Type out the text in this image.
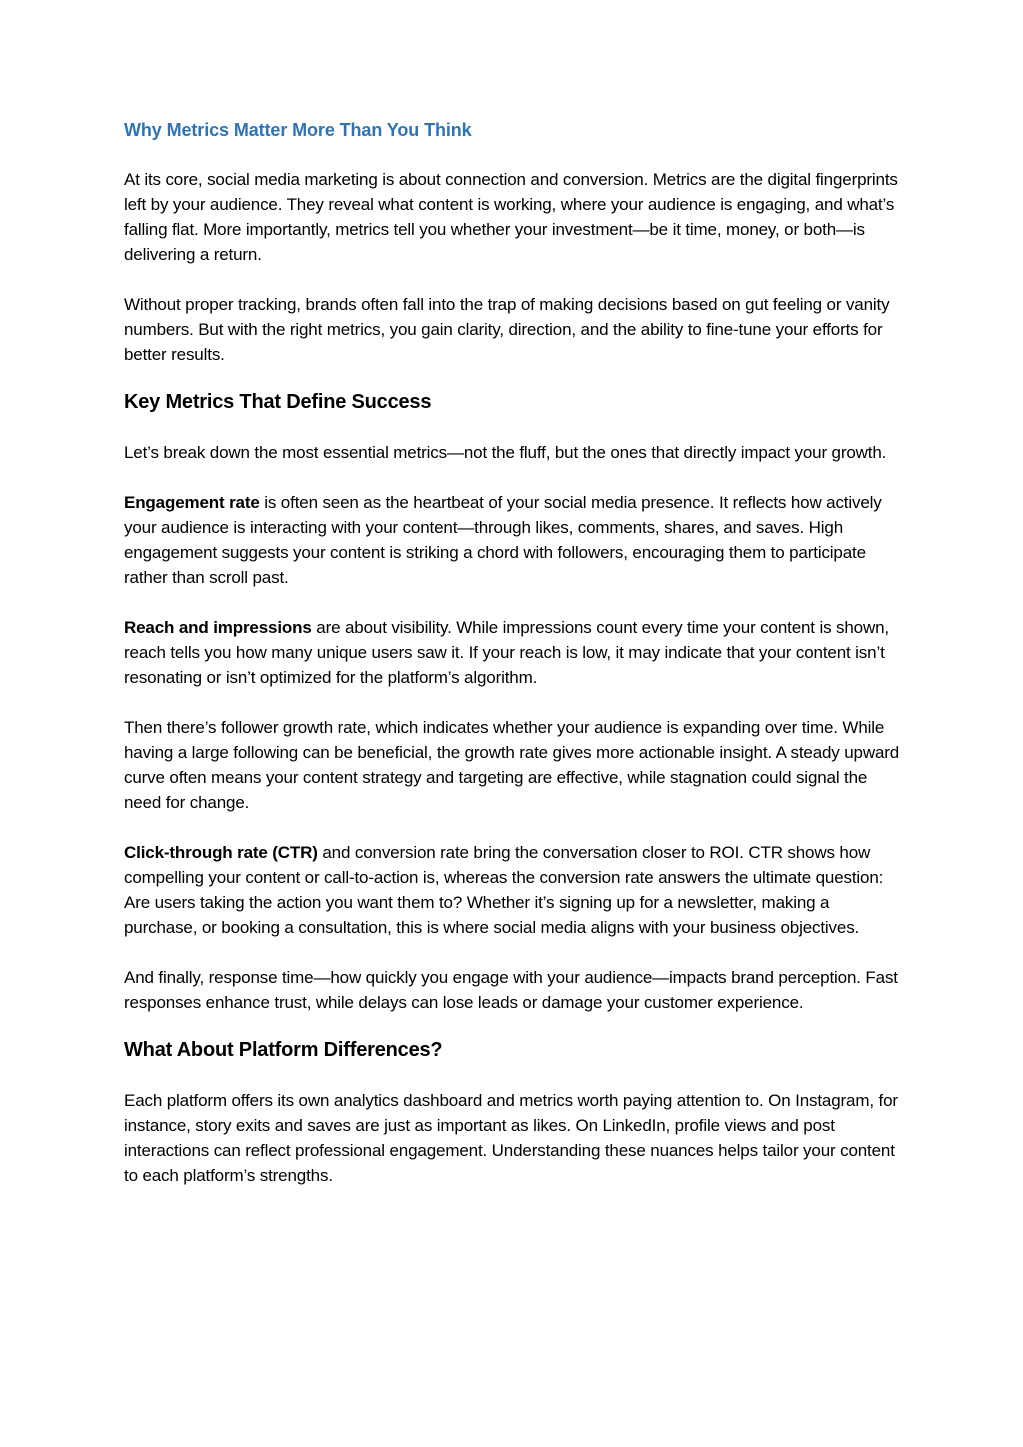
Why Metrics Matter More Than You Think

At its core, social media marketing is about connection and conversion. Metrics are the digital fingerprints left by your audience. They reveal what content is working, where your audience is engaging, and what’s falling flat. More importantly, metrics tell you whether your investment—be it time, money, or both—is delivering a return.

Without proper tracking, brands often fall into the trap of making decisions based on gut feeling or vanity numbers. But with the right metrics, you gain clarity, direction, and the ability to fine-tune your efforts for better results.

Key Metrics That Define Success

Let’s break down the most essential metrics—not the fluff, but the ones that directly impact your growth.

Engagement rate is often seen as the heartbeat of your social media presence. It reflects how actively your audience is interacting with your content—through likes, comments, shares, and saves. High engagement suggests your content is striking a chord with followers, encouraging them to participate rather than scroll past.

Reach and impressions are about visibility. While impressions count every time your content is shown, reach tells you how many unique users saw it. If your reach is low, it may indicate that your content isn’t resonating or isn’t optimized for the platform’s algorithm.

Then there’s follower growth rate, which indicates whether your audience is expanding over time. While having a large following can be beneficial, the growth rate gives more actionable insight. A steady upward curve often means your content strategy and targeting are effective, while stagnation could signal the need for change.

Click-through rate (CTR) and conversion rate bring the conversation closer to ROI. CTR shows how compelling your content or call-to-action is, whereas the conversion rate answers the ultimate question: Are users taking the action you want them to? Whether it’s signing up for a newsletter, making a purchase, or booking a consultation, this is where social media aligns with your business objectives.

And finally, response time—how quickly you engage with your audience—impacts brand perception. Fast responses enhance trust, while delays can lose leads or damage your customer experience.

What About Platform Differences?

Each platform offers its own analytics dashboard and metrics worth paying attention to. On Instagram, for instance, story exits and saves are just as important as likes. On LinkedIn, profile views and post interactions can reflect professional engagement. Understanding these nuances helps tailor your content to each platform’s strengths.
